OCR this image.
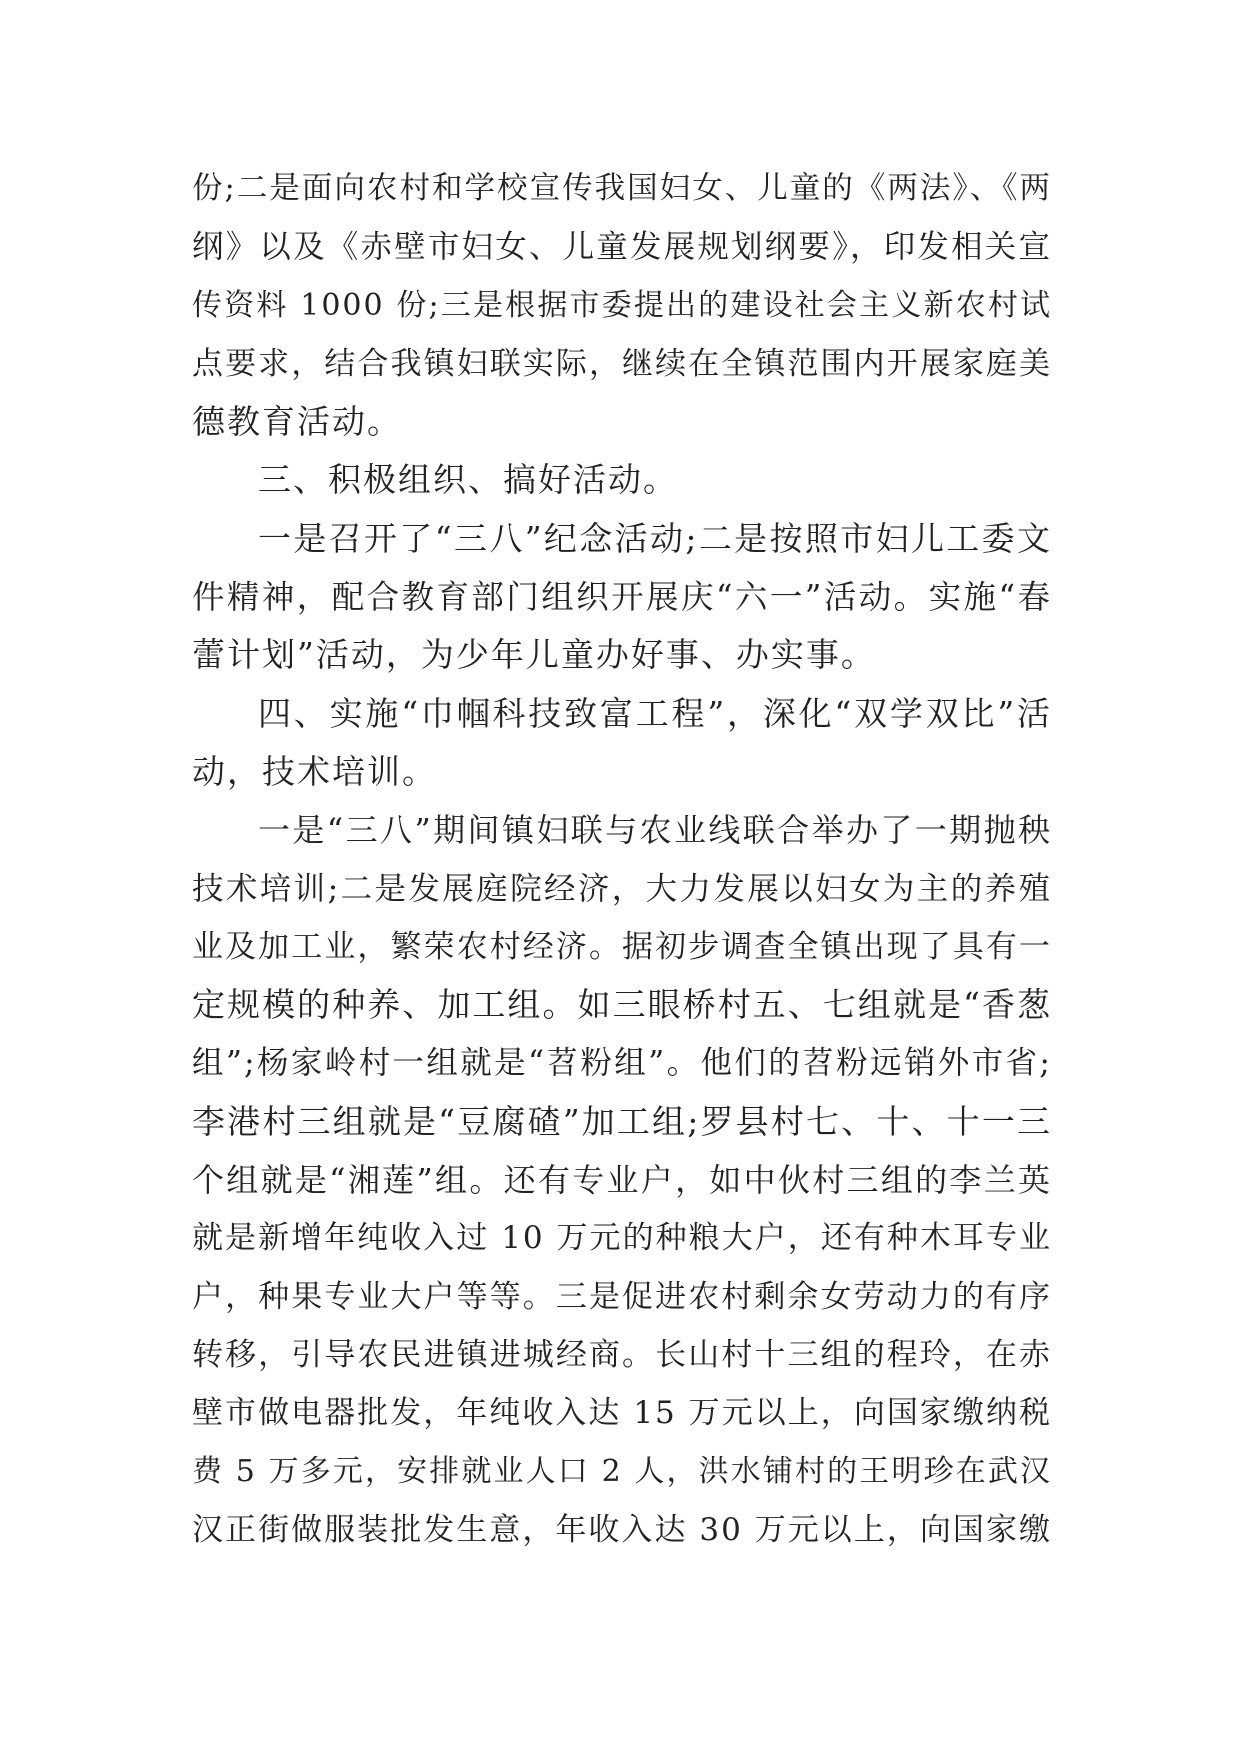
份;二是面向农村和学校宣传我国妇女、儿童的《两法》、《两
纲》以及《赤壁市妇女、儿童发展规划纲要》，印发相关宣
传资料 1000 份;三是根据市委提出的建设社会主义新农村试
点要求，结合我镇妇联实际，继续在全镇范围内开展家庭美
德教育活动。
三、积极组织、搞好活动。
一是召开了“三八”纪念活动;二是按照市妇儿工委文
件精神，配合教育部门组织开展庆“六一”活动。实施“春
蕾计划”活动，为少年儿童办好事、办实事。
四、实施“巾帼科技致富工程”，深化“双学双比”活
动，技术培训。
一是“三八”期间镇妇联与农业线联合举办了一期抛秧
技术培训;二是发展庭院经济，大力发展以妇女为主的养殖
业及加工业，繁荣农村经济。据初步调查全镇出现了具有一
定规模的种养、加工组。如三眼桥村五、七组就是“香葱
组”;杨家岭村一组就是“苕粉组”。他们的苕粉远销外市省;
李港村三组就是“豆腐碴”加工组;罗县村七、十、十一三
个组就是“湘莲”组。还有专业户，如中伙村三组的李兰英
就是新增年纯收入过 10 万元的种粮大户，还有种木耳专业
户，种果专业大户等等。三是促进农村剩余女劳动力的有序
转移，引导农民进镇进城经商。长山村十三组的程玲，在赤
壁市做电器批发，年纯收入达 15 万元以上，向国家缴纳税
费 5 万多元，安排就业人口 2 人，洪水铺村的王明珍在武汉
汉正街做服装批发生意，年收入达 30 万元以上，向国家缴
